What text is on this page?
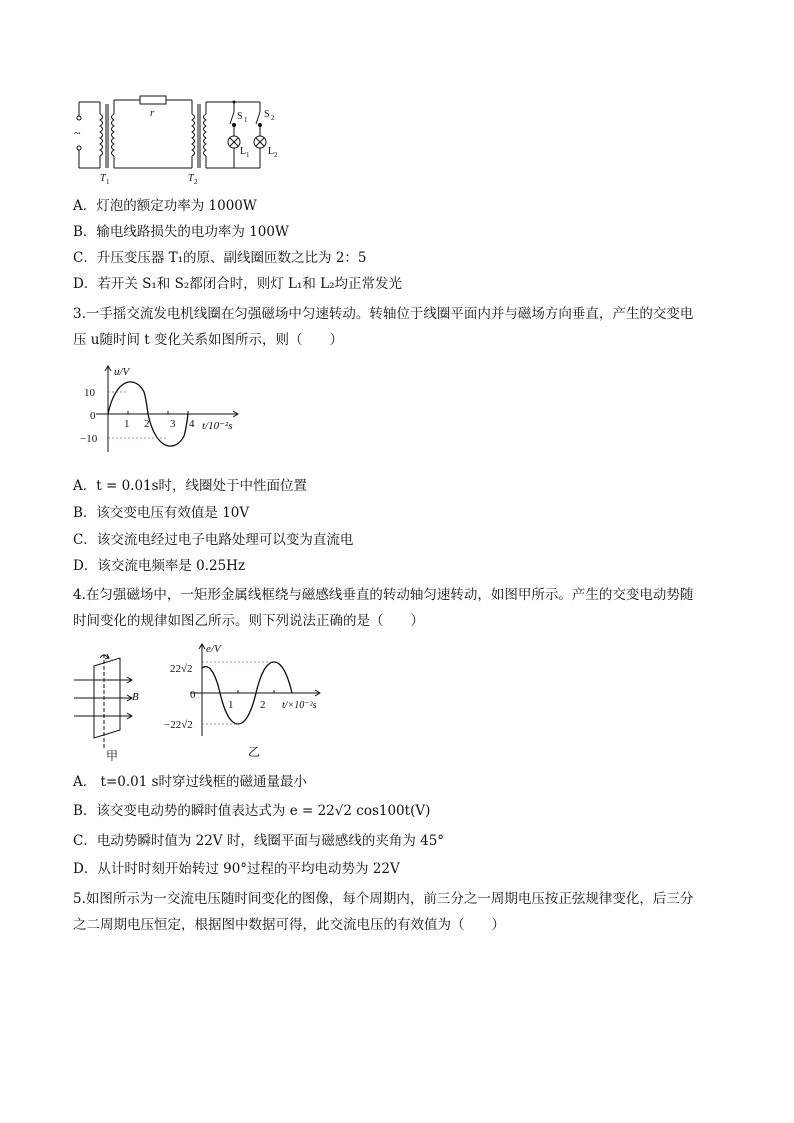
~
r
T 1	T 2
S 1 S 2
L 1 L 2
A．灯泡的额定功率为 1000W
B．输电线路损失的电功率为 100W
C．升压变压器 T₁的原、副线圈匝数之比为 2：5
D．若开关 S₁和 S₂都闭合时，则灯 L₁和 L₂均正常发光
3.一手摇交流发电机线圈在匀强磁场中匀速转动。转轴位于线圈平面内并与磁场方向垂直，产生的交变电
压 u随时间 t 变化关系如图所示，则（　　）
u/V
10
0
−10
1 2 3 4 t/10⁻²s
A．t = 0.01s时，线圈处于中性面位置
B．该交变电压有效值是 10V
C．该交流电经过电子电路处理可以变为直流电
D．该交流电频率是 0.25Hz
4.在匀强磁场中，一矩形金属线框绕与磁感线垂直的转动轴匀速转动，如图甲所示。产生的交变电动势随
时间变化的规律如图乙所示。则下列说法正确的是（　　）
B
甲
e/V
22√2
0
−22√2
1 2 t/×10⁻²s
乙
A． t=0.01 s时穿过线框的磁通量最小
B．该交变电动势的瞬时值表达式为 e = 22√2 cos100t(V)
C．电动势瞬时值为 22V 时，线圈平面与磁感线的夹角为 45°
D．从计时时刻开始转过 90°过程的平均电动势为 22V
5.如图所示为一交流电压随时间变化的图像，每个周期内，前三分之一周期电压按正弦规律变化，后三分
之二周期电压恒定，根据图中数据可得，此交流电压的有效值为（　　）
